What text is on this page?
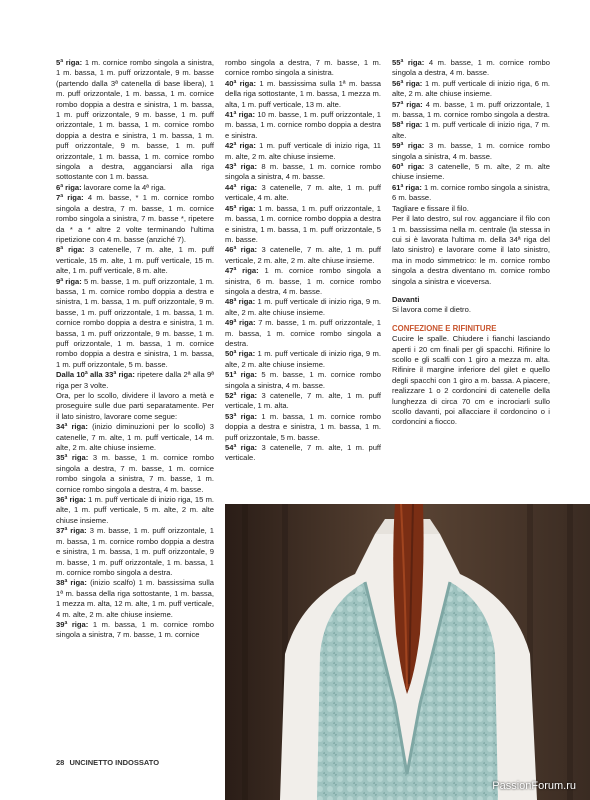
5ª riga: 1 m. cornice rombo singola a sinistra, 1 m. bassa, 1 m. puff orizzontale, 9 m. basse (partendo dalla 3ª catenella di base libera), 1 m. puff orizzontale, 1 m. bassa, 1 m. cornice rombo doppia a destra e sinistra, 1 m. bassa, 1 m. puff orizzontale, 9 m. basse, 1 m. puff orizzontale, 1 m. bassa, 1 m. cornice rombo doppia a destra e sinistra, 1 m. bassa, 1 m. puff orizzontale, 9 m. basse, 1 m. puff orizzontale, 1 m. bassa, 1 m. cornice rombo singola a destra, agganciarsi alla riga sottostante con 1 m. bassa.

6ª riga: lavorare come la 4ª riga.

7ª riga: 4 m. basse, * 1 m. cornice rombo singola a destra, 7 m. basse, 1 m. cornice rombo singola a sinistra, 7 m. basse *, ripetere da * a * altre 2 volte terminando l'ultima ripetizione con 4 m. basse (anziché 7).

8ª riga: 3 catenelle, 7 m. alte, 1 m. puff verticale, 15 m. alte, 1 m. puff verticale, 15 m. alte, 1 m. puff verticale, 8 m. alte.

9ª riga: 5 m. basse, 1 m. puff orizzontale, 1 m. bassa, 1 m. cornice rombo doppia a destra e sinistra, 1 m. bassa, 1 m. puff orizzontale, 9 m. basse, 1 m. puff orizzontale, 1 m. bassa, 1 m. cornice rombo doppia a destra e sinistra, 1 m. bassa, 1 m. puff orizzontale, 9 m. basse, 1 m. puff orizzontale, 1 m. bassa, 1 m. cornice rombo doppia a destra e sinistra, 1 m. bassa, 1 m. puff orizzontale, 5 m. basse.

Dalla 10ª alla 33ª riga: ripetere dalla 2ª alla 9ª riga per 3 volte.

Ora, per lo scollo, dividere il lavoro a metà e proseguire sulle due parti separatamente. Per il lato sinistro, lavorare come segue:

34ª riga: (inizio diminuzioni per lo scollo) 3 catenelle, 7 m. alte, 1 m. puff verticale, 14 m. alte, 2 m. alte chiuse insieme.

35ª riga: 3 m. basse, 1 m. cornice rombo singola a destra, 7 m. basse, 1 m. cornice rombo singola a sinistra, 7 m. basse, 1 m. cornice rombo singola a destra, 4 m. basse.

36ª riga: 1 m. puff verticale di inizio riga, 15 m. alte, 1 m. puff verticale, 5 m. alte, 2 m. alte chiuse insieme.

37ª riga: 3 m. basse, 1 m. puff orizzontale, 1 m. bassa, 1 m. cornice rombo doppia a destra e sinistra, 1 m. bassa, 1 m. puff orizzontale, 9 m. basse, 1 m. puff orizzontale, 1 m. bassa, 1 m. cornice rombo singola a destra.

38ª riga: (inizio scalfo) 1 m. bassissima sulla 1ª m. bassa della riga sottostante, 1 m. bassa, 1 mezza m. alta, 12 m. alte, 1 m. puff verticale, 4 m. alte, 2 m. alte chiuse insieme.

39ª riga: 1 m. bassa, 1 m. cornice rombo singola a sinistra, 7 m. basse, 1 m. cornice

rombo singola a destra, 7 m. basse, 1 m. cornice rombo singola a sinistra.

40ª riga: 1 m. bassissima sulla 1ª m. bassa della riga sottostante, 1 m. bassa, 1 mezza m. alta, 1 m. puff verticale, 13 m. alte.

41ª riga: 10 m. basse, 1 m. puff orizzontale, 1 m. bassa, 1 m. cornice rombo doppia a destra e sinistra.

42ª riga: 1 m. puff verticale di inizio riga, 11 m. alte, 2 m. alte chiuse insieme.

43ª riga: 8 m. basse, 1 m. cornice rombo singola a sinistra, 4 m. basse.

44ª riga: 3 catenelle, 7 m. alte, 1 m. puff verticale, 4 m. alte.

45ª riga: 1 m. bassa, 1 m. puff orizzontale, 1 m. bassa, 1 m. cornice rombo doppia a destra e sinistra, 1 m. bassa, 1 m. puff orizzontale, 5 m. basse.

46ª riga: 3 catenelle, 7 m. alte, 1 m. puff verticale, 2 m. alte, 2 m. alte chiuse insieme.

47ª riga: 1 m. cornice rombo singola a sinistra, 6 m. basse, 1 m. cornice rombo singola a destra, 4 m. basse.

48ª riga: 1 m. puff verticale di inizio riga, 9 m. alte, 2 m. alte chiuse insieme.

49ª riga: 7 m. basse, 1 m. puff orizzontale, 1 m. bassa, 1 m. cornice rombo singola a destra.

50ª riga: 1 m. puff verticale di inizio riga, 9 m. alte, 2 m. alte chiuse insieme.

51ª riga: 5 m. basse, 1 m. cornice rombo singola a sinistra, 4 m. basse.

52ª riga: 3 catenelle, 7 m. alte, 1 m. puff verticale, 1 m. alta.

53ª riga: 1 m. bassa, 1 m. cornice rombo doppia a destra e sinistra, 1 m. bassa, 1 m. puff orizzontale, 5 m. basse.

54ª riga: 3 catenelle, 7 m. alte, 1 m. puff verticale.

55ª riga: 4 m. basse, 1 m. cornice rombo singola a destra, 4 m. basse.

56ª riga: 1 m. puff verticale di inizio riga, 6 m. alte, 2 m. alte chiuse insieme.

57ª riga: 4 m. basse, 1 m. puff orizzontale, 1 m. bassa, 1 m. cornice rombo singola a destra.

58ª riga: 1 m. puff verticale di inizio riga, 7 m. alte.

59ª riga: 3 m. basse, 1 m. cornice rombo singola a sinistra, 4 m. basse.

60ª riga: 3 catenelle, 5 m. alte, 2 m. alte chiuse insieme.

61ª riga: 1 m. cornice rombo singola a sinistra, 6 m. basse.

Tagliare e fissare il filo.

Per il lato destro, sul rov. agganciare il filo con 1 m. bassissima nella m. centrale (la stessa in cui si è lavorata l'ultima m. della 34ª riga del lato sinistro) e lavorare come il lato sinistro, ma in modo simmetrico: le m. cornice rombo singola a destra diventano m. cornice rombo singola a sinistra e viceversa.

Davanti

Si lavora come il dietro.

CONFEZIONE E RIFINITURE

Cucire le spalle. Chiudere i fianchi lasciando aperti i 20 cm finali per gli spacchi. Rifinire lo scollo e gli scalfi con 1 giro a mezza m. alta. Rifinire il margine inferiore del gilet e quello degli spacchi con 1 giro a m. bassa. A piacere, realizzare 1 o 2 cordoncini di catenelle della lunghezza di circa 70 cm e incrociarli sullo scollo davanti, poi allacciare il cordoncino o i cordoncini a fiocco.

PassionForum.ru
28 UNCINETTO INDOSSATO
